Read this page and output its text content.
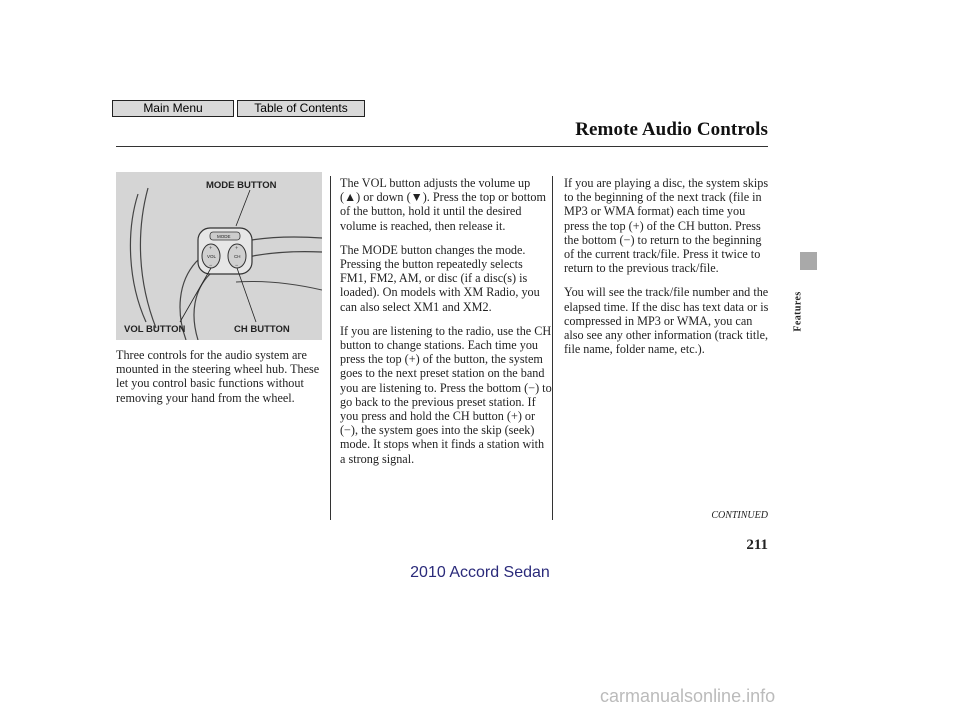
Main Menu	Table of Contents
Remote Audio Controls
Features
MODE
VOL	CH
+	+
−	−
MODE BUTTON
VOL BUTTON	CH BUTTON

Three controls for the audio system are mounted in the steering wheel hub. These let you control basic functions without removing your hand from the wheel.

The VOL button adjusts the volume up (▲) or down (▼). Press the top or bottom of the button, hold it until the desired volume is reached, then release it.

The MODE button changes the mode. Pressing the button repeatedly selects FM1, FM2, AM, or disc (if a disc(s) is loaded). On models with XM Radio, you can also select XM1 and XM2.

If you are listening to the radio, use the CH button to change stations. Each time you press the top (+) of the button, the system goes to the next preset station on the band you are listening to. Press the bottom (−) to go back to the previous preset station. If you press and hold the CH button (+) or (−), the system goes into the skip (seek) mode. It stops when it finds a station with a strong signal.

If you are playing a disc, the system skips to the beginning of the next track (file in MP3 or WMA format) each time you press the top (+) of the CH button. Press the bottom (−) to return to the beginning of the current track/file. Press it twice to return to the previous track/file.

You will see the track/file number and the elapsed time. If the disc has text data or is compressed in MP3 or WMA, you can also see any other information (track title, file name, folder name, etc.).

CONTINUED
211
2010 Accord Sedan
carmanualsonline.info
